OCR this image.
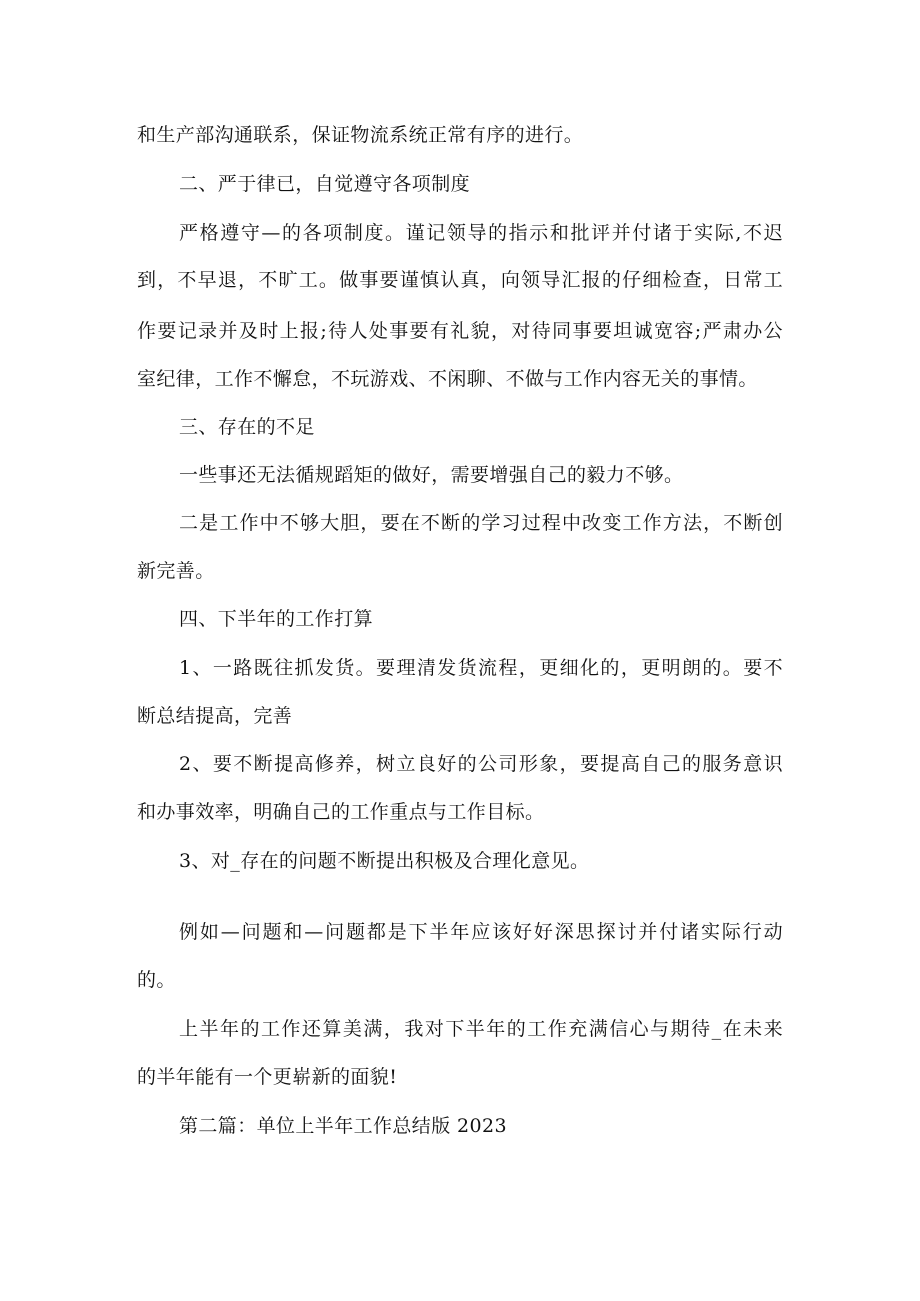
和生产部沟通联系，保证物流系统正常有序的进行。
二、严于律已，自觉遵守各项制度
严格遵守—的各项制度。谨记领导的指示和批评并付诸于实际,不迟
到，不早退，不旷工。做事要谨慎认真，向领导汇报的仔细检查，日常工
作要记录并及时上报;待人处事要有礼貌，对待同事要坦诚宽容;严肃办公
室纪律，工作不懈怠，不玩游戏、不闲聊、不做与工作内容无关的事情。
三、存在的不足
一些事还无法循规蹈矩的做好，需要增强自己的毅力不够。
二是工作中不够大胆，要在不断的学习过程中改变工作方法，不断创
新完善。
四、下半年的工作打算
1、一路既往抓发货。要理清发货流程，更细化的，更明朗的。要不
断总结提高，完善
2、要不断提高修养，树立良好的公司形象，要提高自己的服务意识
和办事效率，明确自己的工作重点与工作目标。
3、对_存在的问题不断提出积极及合理化意见。
例如—问题和—问题都是下半年应该好好深思探讨并付诸实际行动
的。
上半年的工作还算美满，我对下半年的工作充满信心与期待_在未来
的半年能有一个更崭新的面貌!
第二篇：单位上半年工作总结版 2023
